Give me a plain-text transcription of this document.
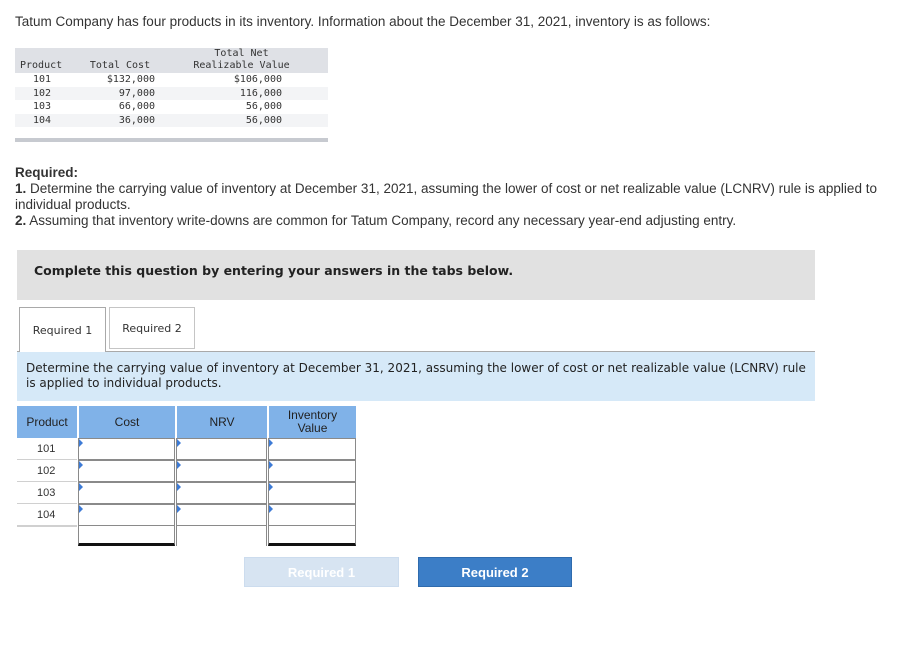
Tatum Company has four products in its inventory. Information about the December 31, 2021, inventory is as follows:
Product	Total Cost	Total Net
Realizable Value

101	$132,000	$106,000
102	97,000	116,000
103	66,000	56,000
104	36,000	56,000
Required:
1. Determine the carrying value of inventory at December 31, 2021, assuming the lower of cost or net realizable value (LCNRV) rule is applied to individual products.
2. Assuming that inventory write-downs are common for Tatum Company, record any necessary year-end adjusting entry.
Complete this question by entering your answers in the tabs below.
Required 1	Required 2
Determine the carrying value of inventory at December 31, 2021, assuming the lower of cost or net realizable value (LCNRV) rule is applied to individual products.
Product	Cost	NRV	Inventory
Value
101
102
103
104
Required 1	Required 2
